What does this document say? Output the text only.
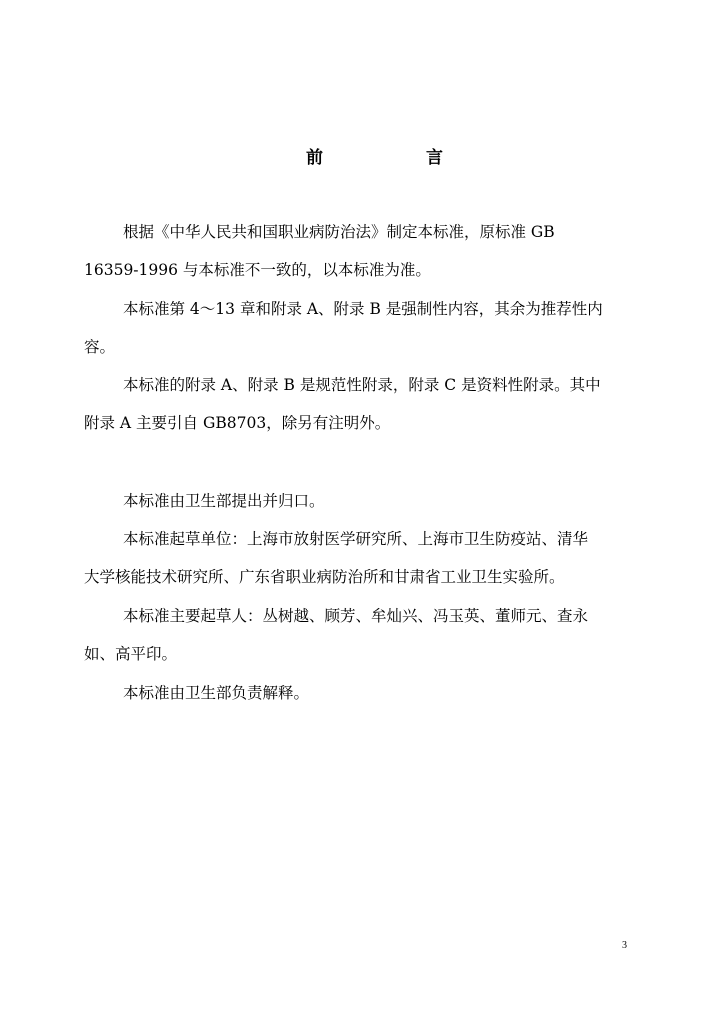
前	言

根据《中华人民共和国职业病防治法》制定本标准，原标准 GB
16359-1996 与本标准不一致的，以本标准为准。

本标准第 4～13 章和附录 A、附录 B 是强制性内容，其余为推荐性内
容。

本标准的附录 A、附录 B 是规范性附录，附录 C 是资料性附录。其中
附录 A 主要引自 GB8703，除另有注明外。

本标准由卫生部提出并归口。

本标准起草单位：上海市放射医学研究所、上海市卫生防疫站、清华
大学核能技术研究所、广东省职业病防治所和甘肃省工业卫生实验所。

本标准主要起草人：丛树越、顾芳、牟灿兴、冯玉英、董师元、查永
如、高平印。

本标准由卫生部负责解释。

3
